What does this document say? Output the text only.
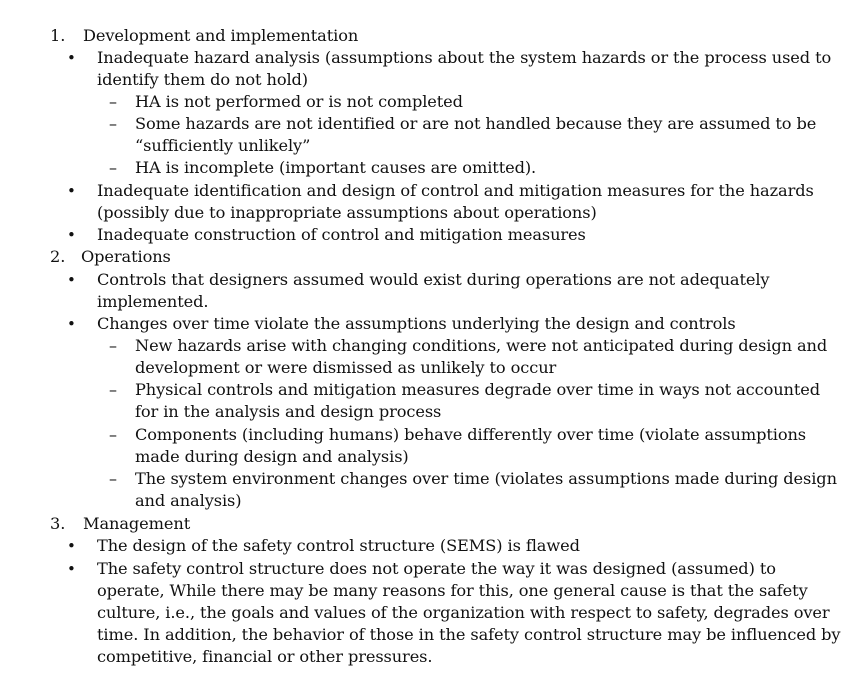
1. Development and implementation
• Inadequate hazard analysis (assumptions about the system hazards or the process used to
identify them do not hold)
– HA is not performed or is not completed
– Some hazards are not identified or are not handled because they are assumed to be
“sufficiently unlikely”
– HA is incomplete (important causes are omitted).
• Inadequate identification and design of control and mitigation measures for the hazards
(possibly due to inappropriate assumptions about operations)
• Inadequate construction of control and mitigation measures
2. Operations
• Controls that designers assumed would exist during operations are not adequately
implemented.
• Changes over time violate the assumptions underlying the design and controls
– New hazards arise with changing conditions, were not anticipated during design and
development or were dismissed as unlikely to occur
– Physical controls and mitigation measures degrade over time in ways not accounted
for in the analysis and design process
– Components (including humans) behave differently over time (violate assumptions
made during design and analysis)
– The system environment changes over time (violates assumptions made during design
and analysis)
3. Management
• The design of the safety control structure (SEMS) is flawed
• The safety control structure does not operate the way it was designed (assumed) to
operate, While there may be many reasons for this, one general cause is that the safety
culture, i.e., the goals and values of the organization with respect to safety, degrades over
time. In addition, the behavior of those in the safety control structure may be influenced by
competitive, financial or other pressures.
